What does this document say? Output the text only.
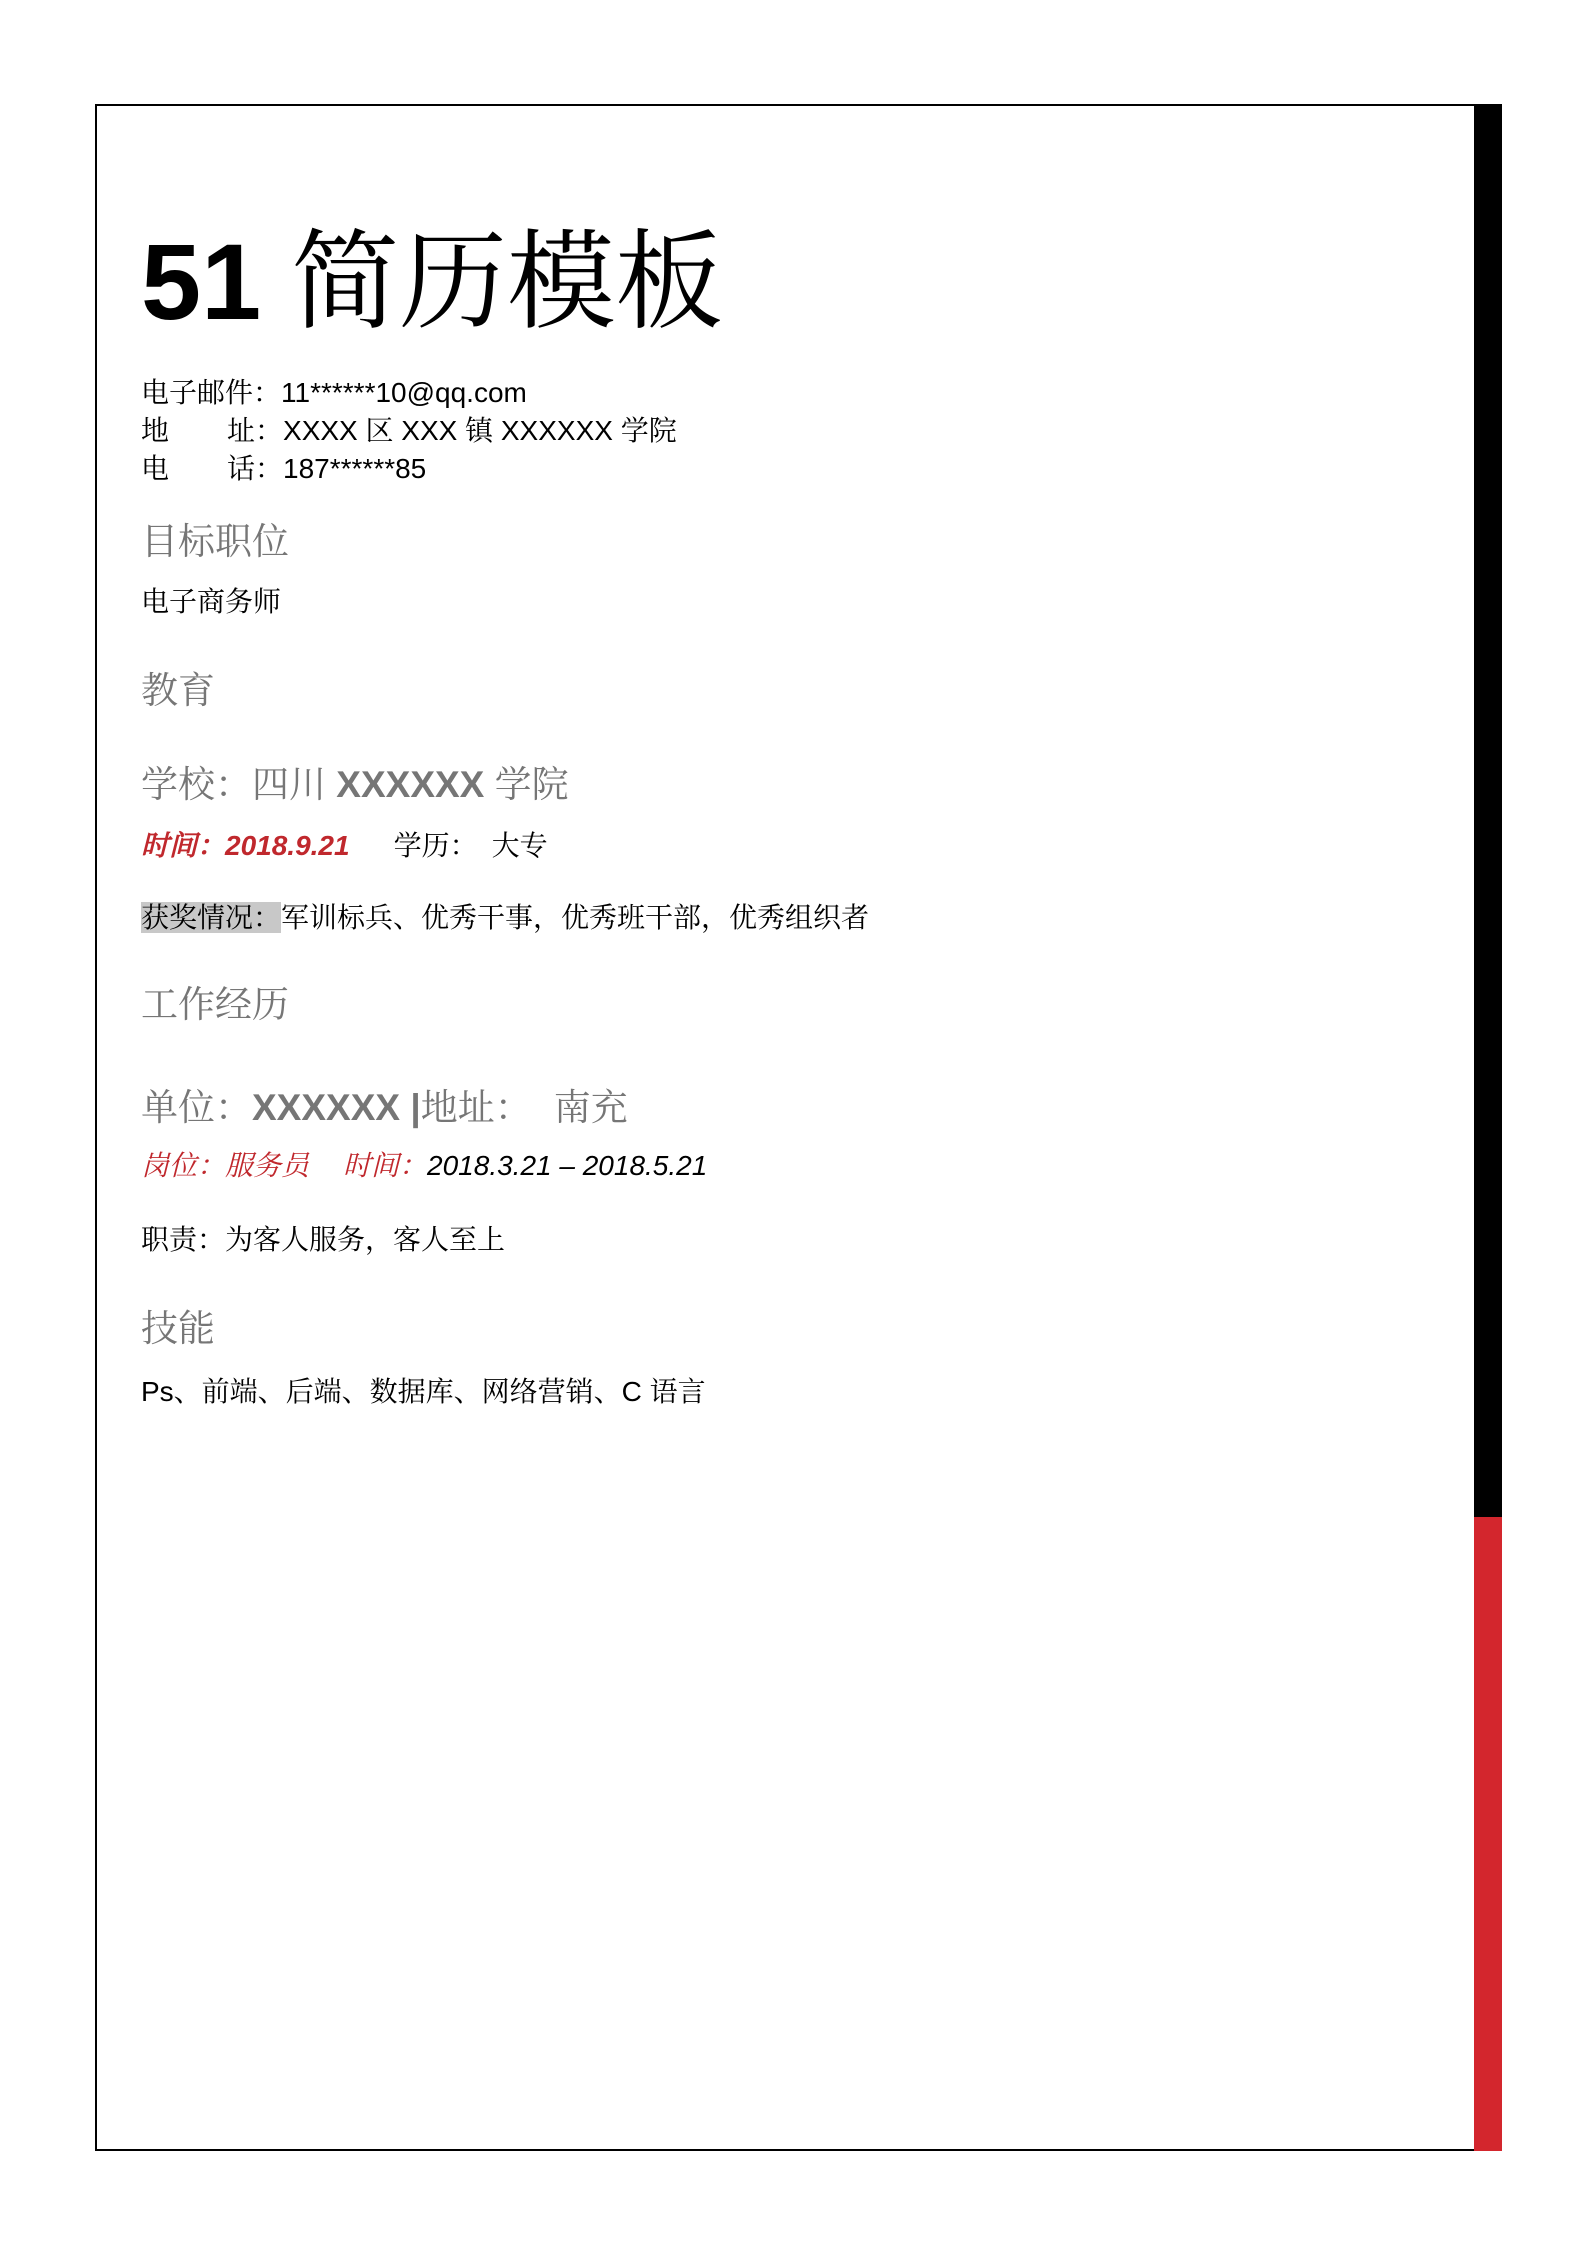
51 简历模板
电子邮件：11******10@qq.com
地 址：XXXX 区 XXX 镇 XXXXXX 学院
电 话：187******85
目标职位
电子商务师
教育
学校：四川 XXXXXX 学院
时间：2018.9.21 学历： 大专
获奖情况：军训标兵、优秀干事，优秀班干部，优秀组织者
工作经历
单位：XXXXXX |地址： 南充
岗位：服务员 时间：2018.3.21 – 2018.5.21
职责：为客人服务，客人至上
技能
Ps、前端、后端、数据库、网络营销、C 语言
